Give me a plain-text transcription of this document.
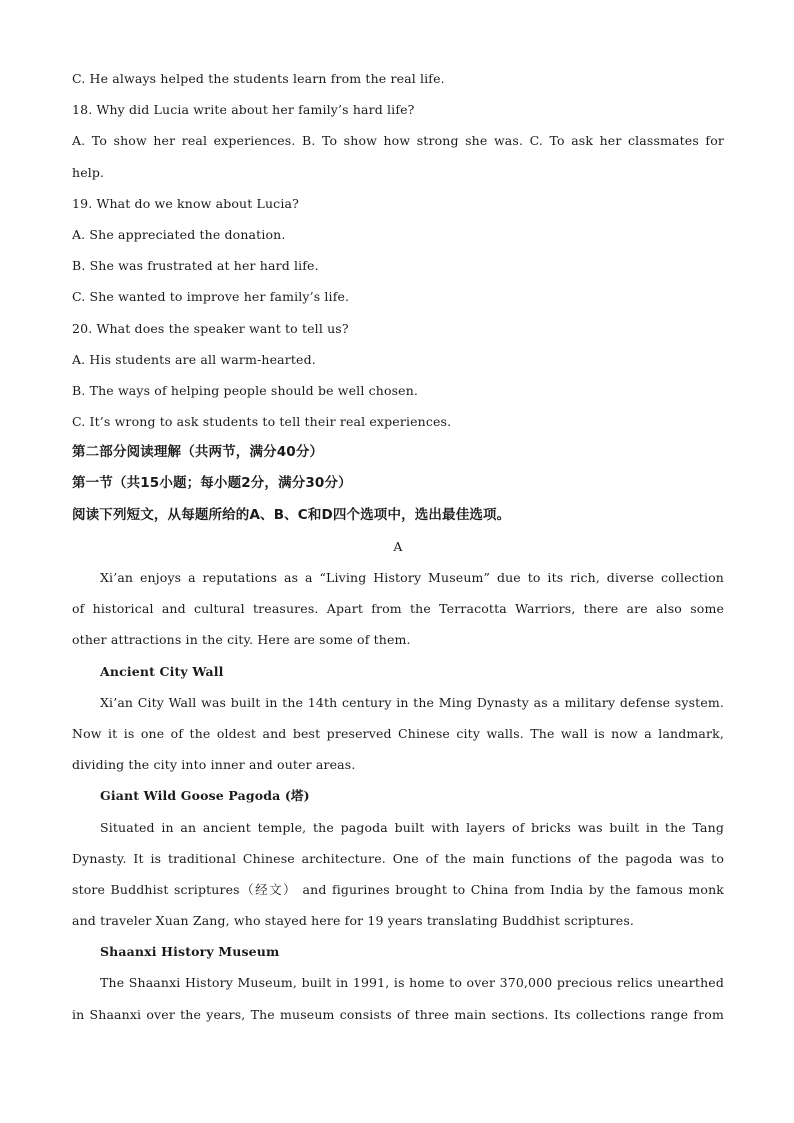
C. He always helped the students learn from the real life.
18. Why did Lucia write about her family’s hard life?
A. To show her real experiences. B. To show how strong she was. C. To ask her classmates for
help.
19. What do we know about Lucia?
A. She appreciated the donation.
B. She was frustrated at her hard life.
C. She wanted to improve her family’s life.
20. What does the speaker want to tell us?
A. His students are all warm-hearted.
B. The ways of helping people should be well chosen.
C. It’s wrong to ask students to tell their real experiences.
第二部分阅读理解（共两节，满分40分）
第一节（共15小题；每小题2分，满分30分）
阅读下列短文，从每题所给的A、B、C和D四个选项中，选出最佳选项。
A
Xi’an enjoys a reputations as a “Living History Museum” due to its rich, diverse collection
of historical and cultural treasures. Apart from the Terracotta Warriors, there are also some
other attractions in the city. Here are some of them.
Ancient City Wall
Xi’an City Wall was built in the 14th century in the Ming Dynasty as a military defense system.
Now it is one of the oldest and best preserved Chinese city walls. The wall is now a landmark,
dividing the city into inner and outer areas.
Giant Wild Goose Pagoda (塔)
Situated in an ancient temple, the pagoda built with layers of bricks was built in the Tang
Dynasty. It is traditional Chinese architecture. One of the main functions of the pagoda was to
store Buddhist scriptures（经文） and figurines brought to China from India by the famous monk
and traveler Xuan Zang, who stayed here for 19 years translating Buddhist scriptures.
Shaanxi History Museum
The Shaanxi History Museum, built in 1991, is home to over 370,000 precious relics unearthed
in Shaanxi over the years, The museum consists of three main sections. Its collections range from
